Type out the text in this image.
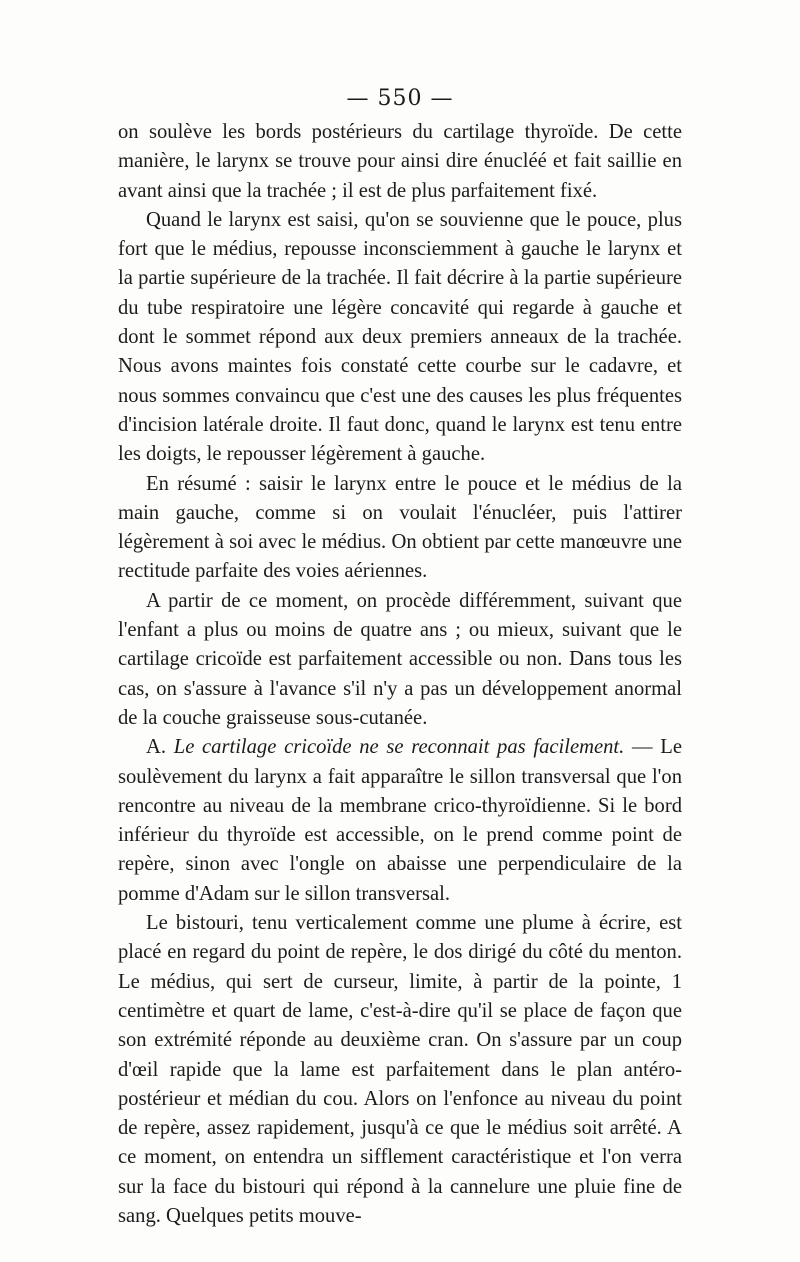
— 550 —

on soulève les bords postérieurs du cartilage thyroïde. De cette manière, le larynx se trouve pour ainsi dire énucléé et fait saillie en avant ainsi que la trachée ; il est de plus parfaitement fixé.

Quand le larynx est saisi, qu'on se souvienne que le pouce, plus fort que le médius, repousse inconsciemment à gauche le larynx et la partie supérieure de la trachée. Il fait décrire à la partie supérieure du tube respiratoire une légère concavité qui regarde à gauche et dont le sommet répond aux deux premiers anneaux de la trachée. Nous avons maintes fois constaté cette courbe sur le cadavre, et nous sommes convaincu que c'est une des causes les plus fréquentes d'incision latérale droite. Il faut donc, quand le larynx est tenu entre les doigts, le repousser légèrement à gauche.

En résumé : saisir le larynx entre le pouce et le médius de la main gauche, comme si on voulait l'énucléer, puis l'attirer légèrement à soi avec le médius. On obtient par cette manœuvre une rectitude parfaite des voies aériennes.

A partir de ce moment, on procède différemment, suivant que l'enfant a plus ou moins de quatre ans ; ou mieux, suivant que le cartilage cricoïde est parfaitement accessible ou non. Dans tous les cas, on s'assure à l'avance s'il n'y a pas un développement anormal de la couche graisseuse sous-cutanée.

A. Le cartilage cricoïde ne se reconnait pas facilement. — Le soulèvement du larynx a fait apparaître le sillon transversal que l'on rencontre au niveau de la membrane crico-thyroïdienne. Si le bord inférieur du thyroïde est accessible, on le prend comme point de repère, sinon avec l'ongle on abaisse une perpendiculaire de la pomme d'Adam sur le sillon transversal.

Le bistouri, tenu verticalement comme une plume à écrire, est placé en regard du point de repère, le dos dirigé du côté du menton. Le médius, qui sert de curseur, limite, à partir de la pointe, 1 centimètre et quart de lame, c'est-à-dire qu'il se place de façon que son extrémité réponde au deuxième cran. On s'assure par un coup d'œil rapide que la lame est parfaitement dans le plan antéro-postérieur et médian du cou. Alors on l'enfonce au niveau du point de repère, assez rapidement, jusqu'à ce que le médius soit arrêté. A ce moment, on entendra un sifflement caractéristique et l'on verra sur la face du bistouri qui répond à la cannelure une pluie fine de sang. Quelques petits mouve-
